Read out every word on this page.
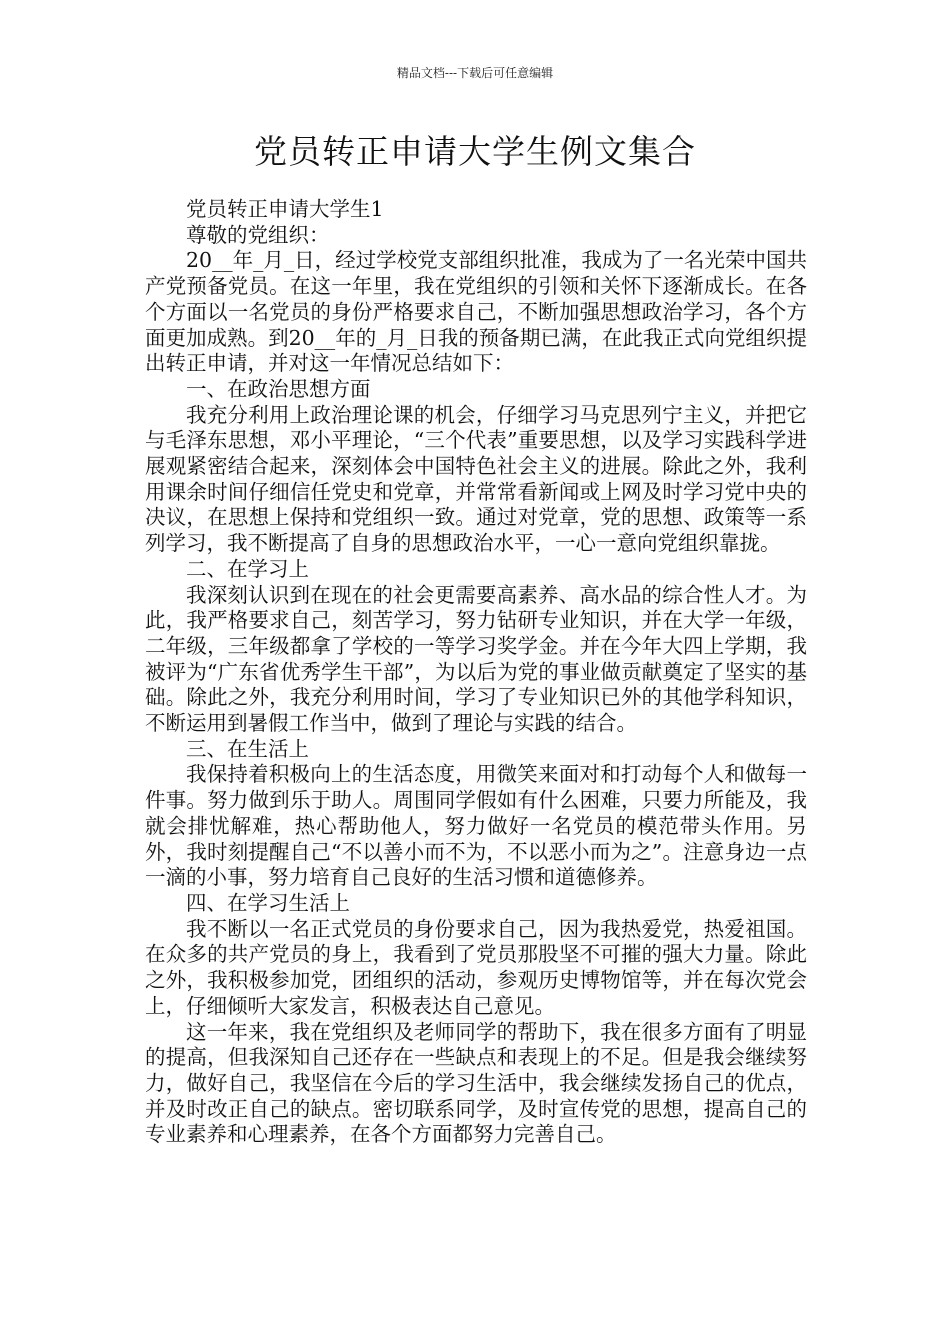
精品文档---下载后可任意编辑
党员转正申请大学生例文集合

党员转正申请大学生1

尊敬的党组织：

20__年_月_日，经过学校党支部组织批准，我成为了一名光荣中国共产党预备党员。在这一年里，我在党组织的引领和关怀下逐渐成长。在各个方面以一名党员的身份严格要求自己，不断加强思想政治学习，各个方面更加成熟。到20__年的_月_日我的预备期已满，在此我正式向党组织提出转正申请，并对这一年情况总结如下：

一、在政治思想方面

我充分利用上政治理论课的机会，仔细学习马克思列宁主义，并把它与毛泽东思想，邓小平理论，“三个代表”重要思想，以及学习实践科学进展观紧密结合起来，深刻体会中国特色社会主义的进展。除此之外，我利用课余时间仔细信任党史和党章，并常常看新闻或上网及时学习党中央的决议，在思想上保持和党组织一致。通过对党章，党的思想、政策等一系列学习，我不断提高了自身的思想政治水平，一心一意向党组织靠拢。

二、在学习上

我深刻认识到在现在的社会更需要高素养、高水品的综合性人才。为此，我严格要求自己，刻苦学习，努力钻研专业知识，并在大学一年级，二年级，三年级都拿了学校的一等学习奖学金。并在今年大四上学期，我被评为“广东省优秀学生干部”，为以后为党的事业做贡献奠定了坚实的基础。除此之外，我充分利用时间，学习了专业知识已外的其他学科知识，不断运用到暑假工作当中，做到了理论与实践的结合。

三、在生活上

我保持着积极向上的生活态度，用微笑来面对和打动每个人和做每一件事。努力做到乐于助人。周围同学假如有什么困难，只要力所能及，我就会排忧解难，热心帮助他人，努力做好一名党员的模范带头作用。另外，我时刻提醒自己“不以善小而不为，不以恶小而为之”。注意身边一点一滴的小事，努力培育自己良好的生活习惯和道德修养。

四、在学习生活上

我不断以一名正式党员的身份要求自己，因为我热爱党，热爱祖国。在众多的共产党员的身上，我看到了党员那股坚不可摧的强大力量。除此之外，我积极参加党，团组织的活动，参观历史博物馆等，并在每次党会上，仔细倾听大家发言，积极表达自己意见。

这一年来，我在党组织及老师同学的帮助下，我在很多方面有了明显的提高，但我深知自己还存在一些缺点和表现上的不足。但是我会继续努力，做好自己，我坚信在今后的学习生活中，我会继续发扬自己的优点，并及时改正自己的缺点。密切联系同学，及时宣传党的思想，提高自己的专业素养和心理素养，在各个方面都努力完善自己。
